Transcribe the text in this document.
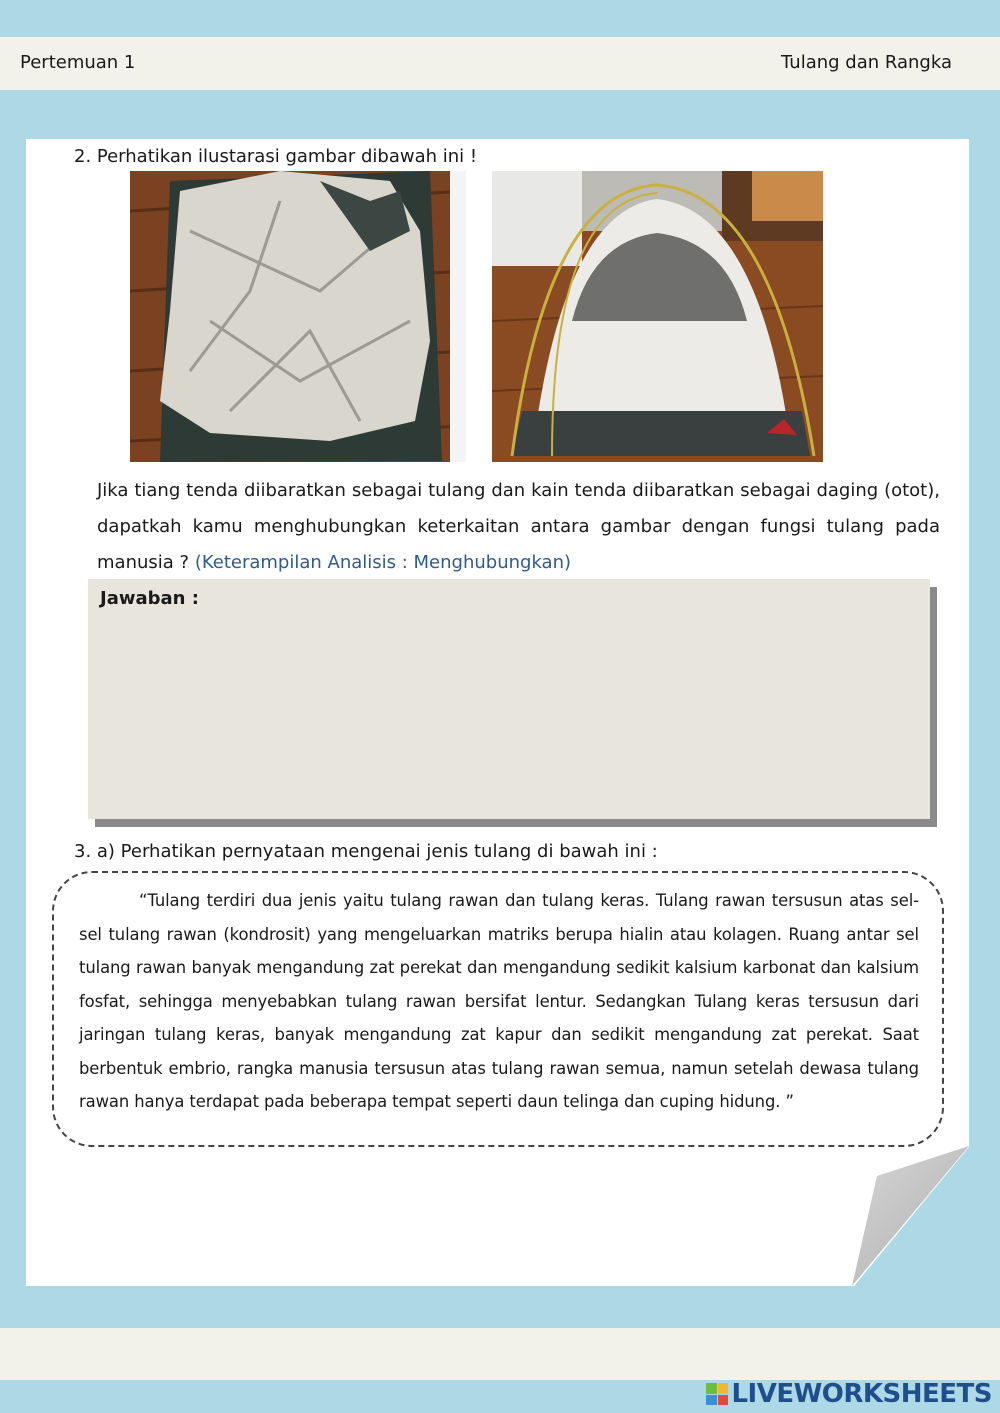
Pertemuan 1	Tulang dan Rangka
2. Perhatikan ilustarasi gambar dibawah ini !
Jika tiang tenda diibaratkan sebagai tulang dan kain tenda diibaratkan sebagai daging (otot), dapatkah kamu menghubungkan keterkaitan antara gambar dengan fungsi tulang pada manusia ? (Keterampilan Analisis : Menghubungkan)
Jawaban :
3. a) Perhatikan pernyataan mengenai jenis tulang di bawah ini :
“Tulang terdiri dua jenis yaitu tulang rawan dan tulang keras. Tulang rawan tersusun atas sel-sel tulang rawan (kondrosit) yang mengeluarkan matriks berupa hialin atau kolagen. Ruang antar sel tulang rawan banyak mengandung zat perekat dan mengandung sedikit kalsium karbonat dan kalsium fosfat, sehingga menyebabkan tulang rawan bersifat lentur. Sedangkan Tulang keras tersusun dari jaringan tulang keras, banyak mengandung zat kapur dan sedikit mengandung zat perekat. Saat berbentuk embrio, rangka manusia tersusun atas tulang rawan semua, namun setelah dewasa tulang rawan hanya terdapat pada beberapa tempat seperti daun telinga dan cuping hidung. ”
LIVEWORKSHEETS
